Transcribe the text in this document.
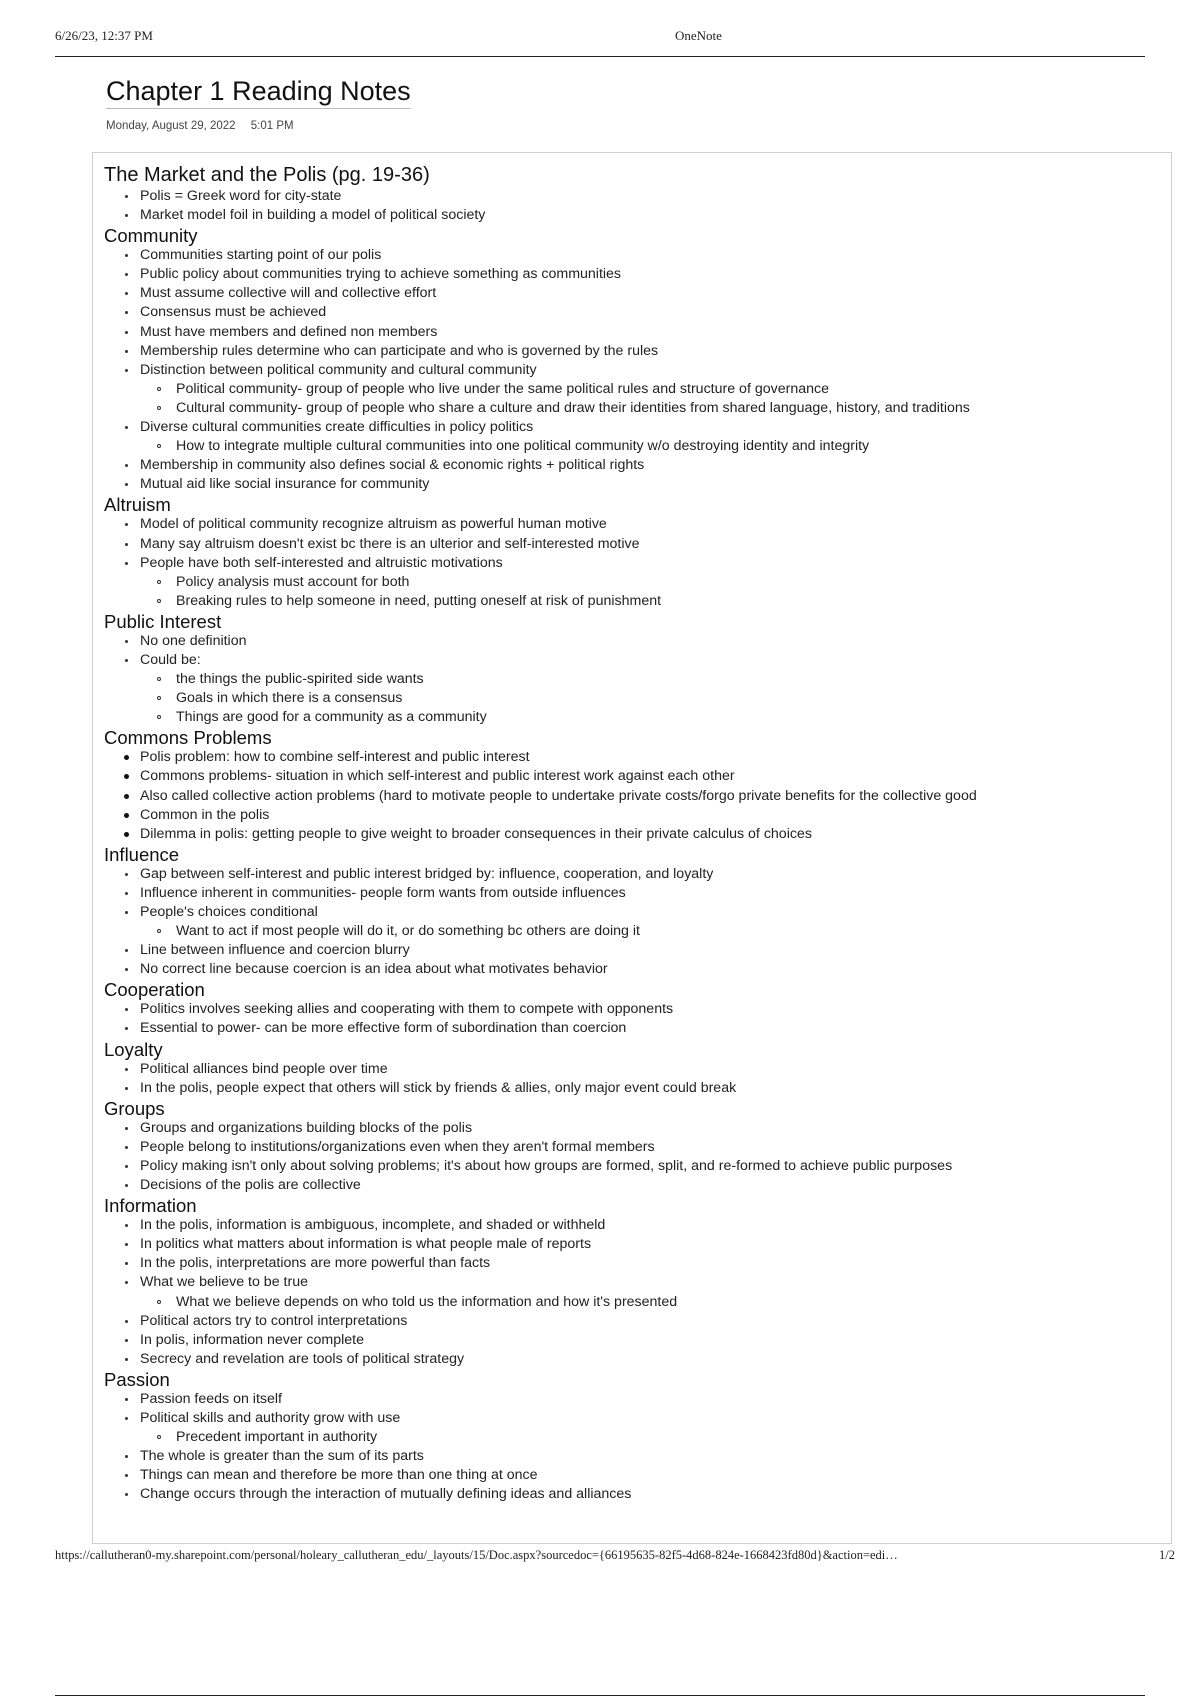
6/26/23, 12:37 PM	OneNote
Chapter 1 Reading Notes
Monday, August 29, 2022 5:01 PM
The Market and the Polis (pg. 19-36)
Polis = Greek word for city-state
Market model foil in building a model of political society
Community
Communities starting point of our polis
Public policy about communities trying to achieve something as communities
Must assume collective will and collective effort
Consensus must be achieved
Must have members and defined non members
Membership rules determine who can participate and who is governed by the rules
Distinction between political community and cultural community
Political community- group of people who live under the same political rules and structure of governance
Cultural community- group of people who share a culture and draw their identities from shared language, history, and traditions
Diverse cultural communities create difficulties in policy politics
How to integrate multiple cultural communities into one political community w/o destroying identity and integrity
Membership in community also defines social & economic rights + political rights
Mutual aid like social insurance for community
Altruism
Model of political community recognize altruism as powerful human motive
Many say altruism doesn't exist bc there is an ulterior and self-interested motive
People have both self-interested and altruistic motivations
Policy analysis must account for both
Breaking rules to help someone in need, putting oneself at risk of punishment
Public Interest
No one definition
Could be:
the things the public-spirited side wants
Goals in which there is a consensus
Things are good for a community as a community
Commons Problems
Polis problem: how to combine self-interest and public interest
Commons problems- situation in which self-interest and public interest work against each other
Also called collective action problems (hard to motivate people to undertake private costs/forgo private benefits for the collective good
Common in the polis
Dilemma in polis: getting people to give weight to broader consequences in their private calculus of choices
Influence
Gap between self-interest and public interest bridged by: influence, cooperation, and loyalty
Influence inherent in communities- people form wants from outside influences
People's choices conditional
Want to act if most people will do it, or do something bc others are doing it
Line between influence and coercion blurry
No correct line because coercion is an idea about what motivates behavior
Cooperation
Politics involves seeking allies and cooperating with them to compete with opponents
Essential to power- can be more effective form of subordination than coercion
Loyalty
Political alliances bind people over time
In the polis, people expect that others will stick by friends & allies, only major event could break
Groups
Groups and organizations building blocks of the polis
People belong to institutions/organizations even when they aren't formal members
Policy making isn't only about solving problems; it's about how groups are formed, split, and re-formed to achieve public purposes
Decisions of the polis are collective
Information
In the polis, information is ambiguous, incomplete, and shaded or withheld
In politics what matters about information is what people male of reports
In the polis, interpretations are more powerful than facts
What we believe to be true
What we believe depends on who told us the information and how it's presented
Political actors try to control interpretations
In polis, information never complete
Secrecy and revelation are tools of political strategy
Passion
Passion feeds on itself
Political skills and authority grow with use
Precedent important in authority
The whole is greater than the sum of its parts
Things can mean and therefore be more than one thing at once
Change occurs through the interaction of mutually defining ideas and alliances
https://callutheran0-my.sharepoint.com/personal/holeary_callutheran_edu/_layouts/15/Doc.aspx?sourcedoc={66195635-82f5-4d68-824e-1668423fd80d}&action=edi…	1/2
